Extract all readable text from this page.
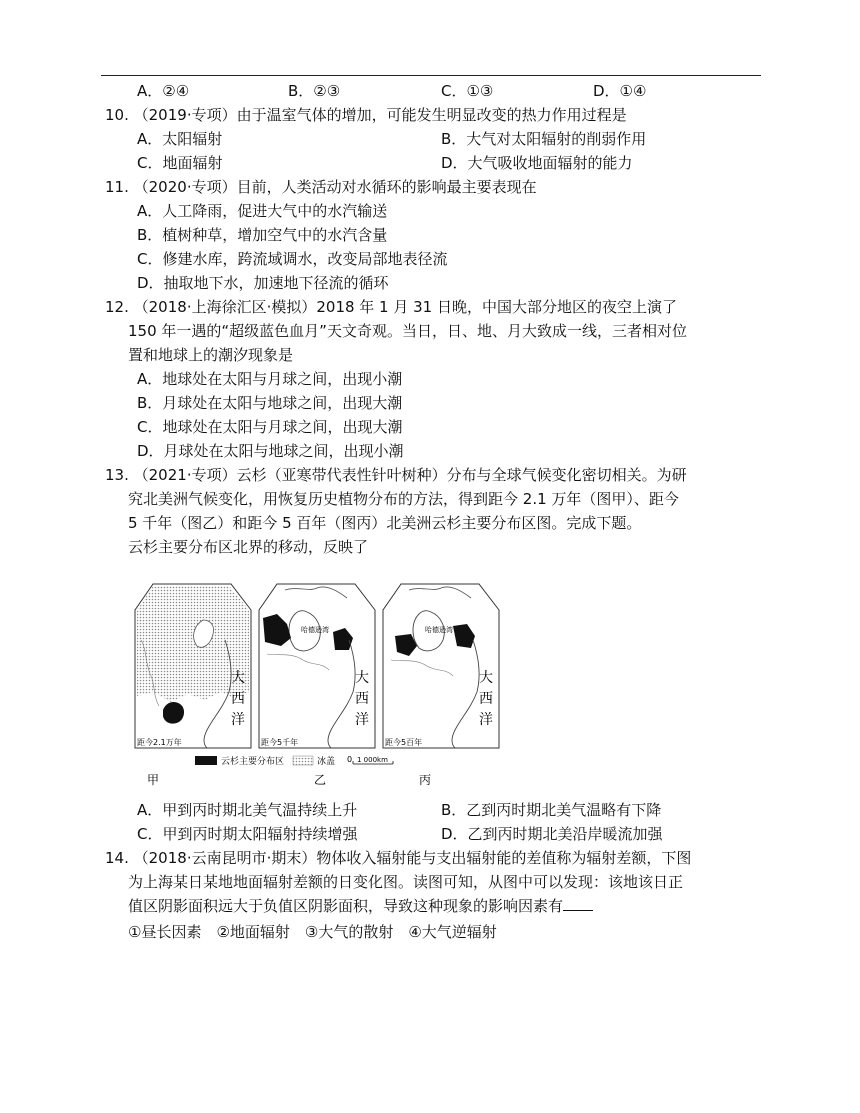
A．②④	B．②③	C．①③	D．①④
10. （2019·专项）由于温室气体的增加，可能发生明显改变的热力作用过程是
A．太阳辐射	B．大气对太阳辐射的削弱作用
C．地面辐射	D．大气吸收地面辐射的能力
11. （2020·专项）目前，人类活动对水循环的影响最主要表现在
A．人工降雨，促进大气中的水汽输送
B．植树种草，增加空气中的水汽含量
C．修建水库，跨流域调水，改变局部地表径流
D．抽取地下水，加速地下径流的循环
12. （2018·上海徐汇区·模拟）2018 年 1 月 31 日晚，中国大部分地区的夜空上演了
150 年一遇的“超级蓝色血月”天文奇观。当日，日、地、月大致成一线，三者相对位
置和地球上的潮汐现象是
A．地球处在太阳与月球之间，出现小潮
B．月球处在太阳与地球之间，出现大潮
C．地球处在太阳与月球之间，出现大潮
D．月球处在太阳与地球之间，出现小潮
13. （2021·专项）云杉（亚寒带代表性针叶树种）分布与全球气候变化密切相关。为研
究北美洲气候变化，用恢复历史植物分布的方法，得到距今 2.1 万年（图甲）、距今
5 千年（图乙）和距今 5 百年（图丙）北美洲云杉主要分布区图。完成下题。
云杉主要分布区北界的移动，反映了
距今2.1万年
大
西
洋
哈德逊湾
距今5千年
大
西
洋
哈德逊湾
距今5百年
大
西
洋
云杉主要分布区	冰盖 0 1 000km
甲	乙	丙
A．甲到丙时期北美气温持续上升	B．乙到丙时期北美气温略有下降
C．甲到丙时期太阳辐射持续增强	D．乙到丙时期北美沿岸暖流加强
14. （2018·云南昆明市·期末）物体收入辐射能与支出辐射能的差值称为辐射差额，下图
为上海某日某地地面辐射差额的日变化图。读图可知，从图中可以发现：该地该日正
值区阴影面积远大于负值区阴影面积，导致这种现象的影响因素有
①昼长因素　②地面辐射　③大气的散射　④大气逆辐射
